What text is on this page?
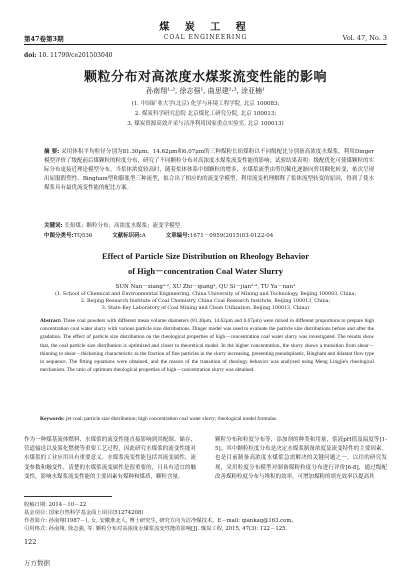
煤 炭 工 程
第47卷第3期	COAL ENGINEERING	Vol. 47, No. 3
doi: 10. 11799/ce201503040
颗粒分布对高浓度水煤浆流变性能的影响
孙南翔¹·², 徐志强¹, 曲思建²·³, 涂亚楠¹
(1. 中国矿业大学(北京) 化学与环境工程学院, 北京 100083;
2. 煤炭科学研究总院 北京煤化工研究分院, 北京 100013;
3. 煤炭资源高效开采与洁净利用国家重点实验室, 北京 100013)
摘 要: 采用体积平均粒径分别为81.30μm、14.62μm和6.07μm的三种煤粉长焰煤粉以不同级配比分别备高浓度水煤浆，利用Dinger模型评价了级配前后煤颗粒的粒度分布，研究了不同颗粒分布对高浓度水煤浆流变性能的影响；试验结果表明：级配优化可使煤颗粒的实际分布更接近理论模型分布。当浆体浓度较高时，随着浆体体系中细颗粒的增多，水煤浆流型由剪切稀化逐渐向剪切稠化转变，依次呈现出屈服假塑性、Bingham型和膨胀型三种流型，拟合出了相应的的流变学模型，利用流变机理解释了浆体流型转变的原因，得到了使水煤浆具有最优流变性能的配比方案。
关键词: 长焰煤；颗粒分布；高浓度水煤浆；流变学模型
中图分类号:TQ536	文献标识码:A	文章编号:1671－0959(2015)03-0122-04
Effect of Particle Size Distribution on Rheology Behavior
of High－concentration Coal Water Slurry
SUN Nan－xiang¹·², XU Zhi－qiang¹, QU Si－jian²·³, TU Ya－nan¹
(1. School of Chemical and Environmental Engineering, China University of Mining and Technology, Beijing 100083, China;
2. Beijing Research Institute of Coal Chemistry, China Coal Research Institute, Beijing 100013, China;
3. State Key Laboratory of Coal Mining and Clean Utilization, Beijing 100013, China)
Abstract: Three coal powders with different mean volume diameters (81.30μm, 14.62μm and 6.07μm) were mixed in different proportions to prepare high concentration coal water slurry with various particle size distributions. Dinger model was used to evaluate the particle size distributions before and after the gradation. The effect of particle size distribution on the rheological properties of high－concentration coal water slurry was investigated. The results show that, the coal particle size distribution is optimized and closer to theoretical model. In the higher concentration, the slurry shows a transition from shear－thinning to shear－thickening characteristic as the fraction of fine particles in the slurry increasing, presenting pseudoplastic, Bingham and dilatant flow type in sequence. The fitting equations were obtained, and the reason of the transition of rheology behavior was analyzed using Meng Lingjie's rheological mechanism. The ratio of optimum rheological properties of high－concentration slurry was obtained.
Keywords: jet coal; particle size distribution; high concentration coal water slurry; rheological model formulas
作为一种煤基流体燃料，水煤浆的流变性能直接影响到其配制、储存、管道输送以及雾化燃烧等重要工艺过程，因此研究水煤浆的流变性能对水煤浆的工业应用具有重要意义。水煤浆流变性能包括其流变属性，流变参数和触变性，清楚的水煤浆流变属性是很重要的，且具有适宜的触变性，影响水煤浆流变性能的主要因素有煤种和煤质，颗粒含量、
颗粒分布和粒度分布等，添加剂的种类和用量，浆液pH值及温度等[1-5]。其中颗粒粒度分布是决定水煤浆制备浓度及流变特性的主要因素，也是目前制备高浓度水煤浆急需解决的关键问题之一，以往的研究发现，采用粒度分布模型对制备煤粉粒度分布进行评价[6-8]，通过级配改善煤粉粒度分布与堆积的效率，可增加煤粉的填充效率以提高其
收稿日期: 2014－10－22
基金项目: 国家自然科学基金面上项目(51274208)
作者简介: 孙南翔(1987－), 女, 安徽淮北人, 博士研究生, 研究方向为洁净煤技术。E－mail: qiankaq@163.com。
引用格式: 孙南翔, 徐志强, 等. 颗粒分布对高浓度水煤浆流变性能的影响[J]. 煤炭工程, 2015, 47(3): 122－125.
122
万方数据
